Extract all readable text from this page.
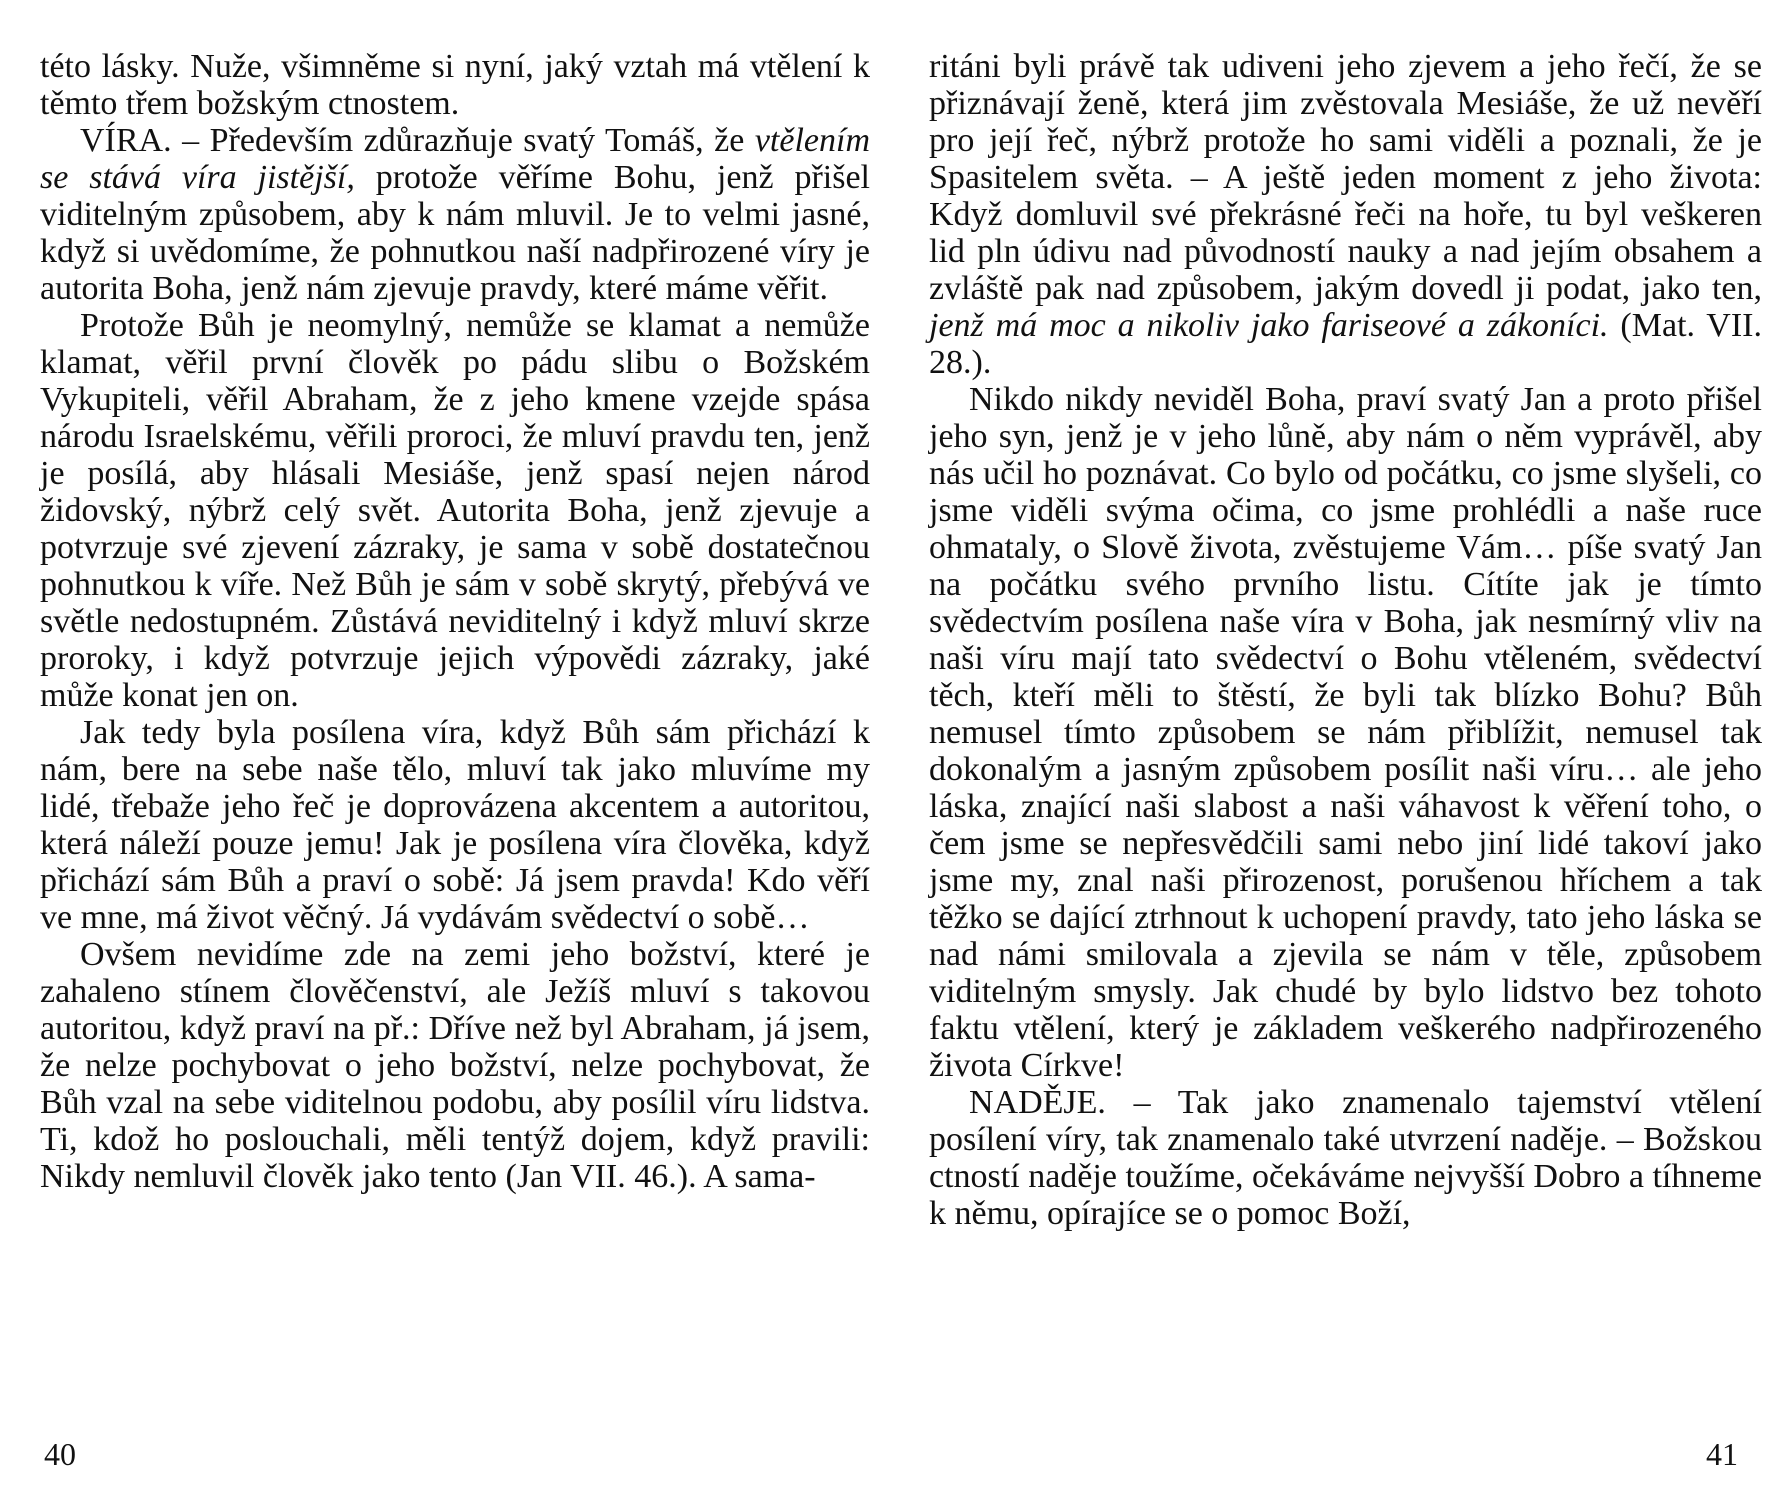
této lásky. Nuže, všimněme si nyní, jaký vztah má vtělení k těmto třem božským ctnostem.

VÍRA. – Především zdůrazňuje svatý Tomáš, že vtělením se stává víra jistější, protože věříme Bohu, jenž přišel viditelným způsobem, aby k nám mluvil. Je to velmi jasné, když si uvědomíme, že pohnutkou naší nadpřirozené víry je autorita Boha, jenž nám zjevuje pravdy, které máme věřit.

Protože Bůh je neomylný, nemůže se klamat a nemůže klamat, věřil první člověk po pádu slibu o Božském Vykupiteli, věřil Abraham, že z jeho kmene vzejde spása národu Israelskému, věřili proroci, že mluví pravdu ten, jenž je posílá, aby hlásali Mesiáše, jenž spasí nejen národ židovský, nýbrž celý svět. Autorita Boha, jenž zjevuje a potvrzuje své zjevení zázraky, je sama v sobě dostatečnou pohnutkou k víře. Než Bůh je sám v sobě skrytý, přebývá ve světle nedostupném. Zůstává neviditelný i když mluví skrze proroky, i když potvrzuje jejich výpovědi zázraky, jaké může konat jen on.

Jak tedy byla posílena víra, když Bůh sám přichází k nám, bere na sebe naše tělo, mluví tak jako mluvíme my lidé, třebaže jeho řeč je doprovázena akcentem a autoritou, která náleží pouze jemu! Jak je posílena víra člověka, když přichází sám Bůh a praví o sobě: Já jsem pravda! Kdo věří ve mne, má život věčný. Já vydávám svědectví o sobě…

Ovšem nevidíme zde na zemi jeho božství, které je zahaleno stínem člověčenství, ale Ježíš mluví s takovou autoritou, když praví na př.: Dříve než byl Abraham, já jsem, že nelze pochybovat o jeho božství, nelze pochybovat, že Bůh vzal na sebe viditelnou podobu, aby posílil víru lidstva. Ti, kdož ho poslouchali, měli tentýž dojem, když pravili: Nikdy nemluvil člověk jako tento (Jan VII. 46.). A sama-

40

ritáni byli právě tak udiveni jeho zjevem a jeho řečí, že se přiznávají ženě, která jim zvěstovala Mesiáše, že už nevěří pro její řeč, nýbrž protože ho sami viděli a poznali, že je Spasitelem světa. – A ještě jeden moment z jeho života: Když domluvil své překrásné řeči na hoře, tu byl veškeren lid pln údivu nad původností nauky a nad jejím obsahem a zvláště pak nad způsobem, jakým dovedl ji podat, jako ten, jenž má moc a nikoliv jako fariseové a zákoníci. (Mat. VII. 28.).

Nikdo nikdy neviděl Boha, praví svatý Jan a proto přišel jeho syn, jenž je v jeho lůně, aby nám o něm vyprávěl, aby nás učil ho poznávat. Co bylo od počátku, co jsme slyšeli, co jsme viděli svýma očima, co jsme prohlédli a naše ruce ohmataly, o Slově života, zvěstujeme Vám… píše svatý Jan na počátku svého prvního listu. Cítíte jak je tímto svědectvím posílena naše víra v Boha, jak nesmírný vliv na naši víru mají tato svědectví o Bohu vtěleném, svědectví těch, kteří měli to štěstí, že byli tak blízko Bohu? Bůh nemusel tímto způsobem se nám přiblížit, nemusel tak dokonalým a jasným způsobem posílit naši víru… ale jeho láska, znající naši slabost a naši váhavost k věření toho, o čem jsme se nepřesvědčili sami nebo jiní lidé takoví jako jsme my, znal naši přirozenost, porušenou hříchem a tak těžko se dající ztrhnout k uchopení pravdy, tato jeho láska se nad námi smilovala a zjevila se nám v těle, způsobem viditelným smysly. Jak chudé by bylo lidstvo bez tohoto faktu vtělení, který je základem veškerého nadpřirozeného života Církve!

NADĚJE. – Tak jako znamenalo tajemství vtělení posílení víry, tak znamenalo také utvrzení naděje. – Božskou ctností naděje toužíme, očekáváme nejvyšší Dobro a tíhneme k němu, opírajíce se o pomoc Boží,

41
